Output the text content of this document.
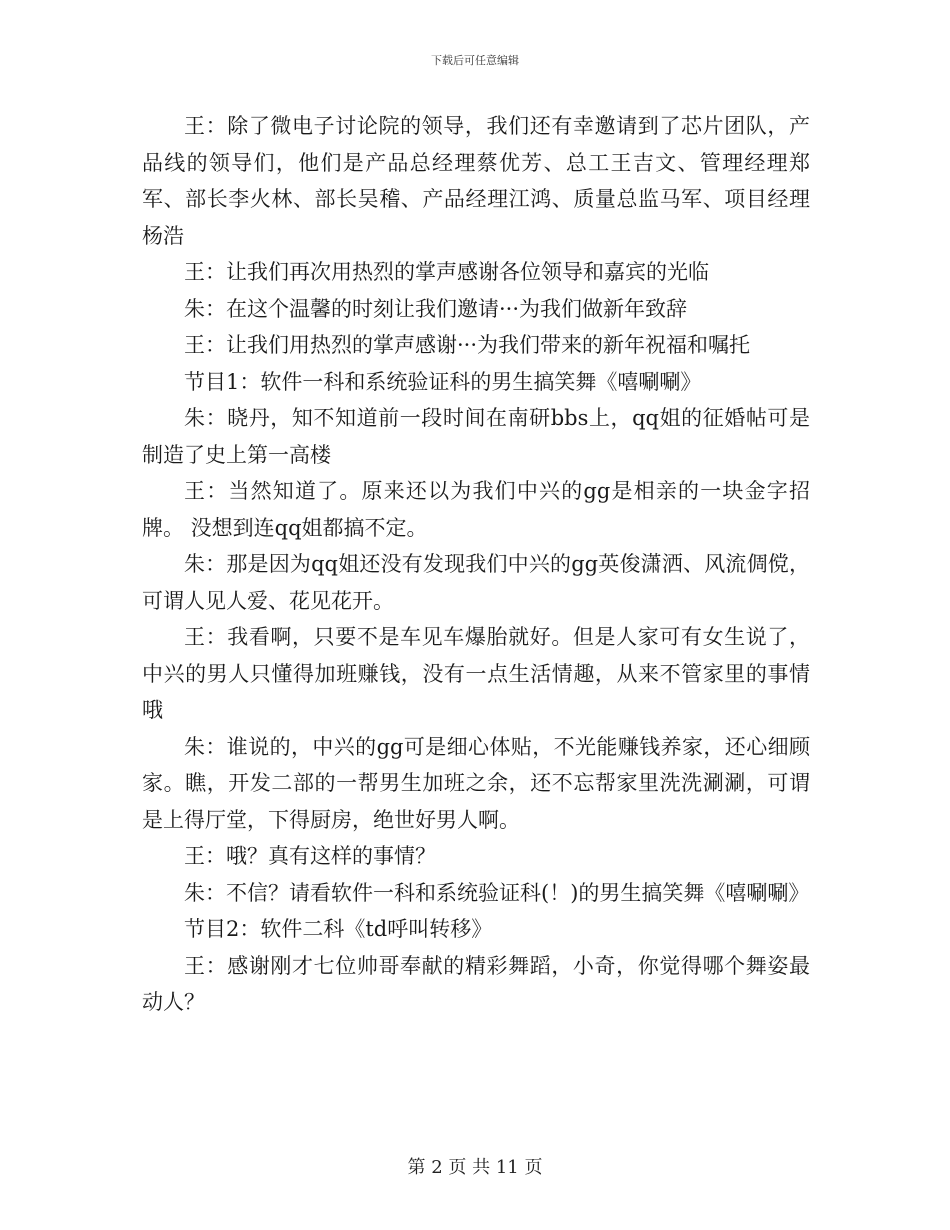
下载后可任意编辑

王：除了微电子讨论院的领导，我们还有幸邀请到了芯片团队，产品线的领导们，他们是产品总经理蔡优芳、总工王吉文、管理经理郑军、部长李火林、部长吴稽、产品经理江鸿、质量总监马军、项目经理杨浩

王：让我们再次用热烈的掌声感谢各位领导和嘉宾的光临

朱：在这个温馨的时刻让我们邀请···为我们做新年致辞

王：让我们用热烈的掌声感谢···为我们带来的新年祝福和嘱托

节目1：软件一科和系统验证科的男生搞笑舞《嘻唰唰》

朱：晓丹，知不知道前一段时间在南研bbs上，qq姐的征婚帖可是制造了史上第一高楼

王：当然知道了。原来还以为我们中兴的gg是相亲的一块金字招牌。 没想到连qq姐都搞不定。

朱：那是因为qq姐还没有发现我们中兴的gg英俊潇洒、风流倜傥，可谓人见人爱、花见花开。

王：我看啊，只要不是车见车爆胎就好。但是人家可有女生说了，中兴的男人只懂得加班赚钱，没有一点生活情趣，从来不管家里的事情哦

朱：谁说的，中兴的gg可是细心体贴，不光能赚钱养家，还心细顾家。瞧，开发二部的一帮男生加班之余，还不忘帮家里洗洗涮涮，可谓是上得厅堂，下得厨房，绝世好男人啊。

王：哦？真有这样的事情？

朱：不信？请看软件一科和系统验证科(！)的男生搞笑舞《嘻唰唰》

节目2：软件二科《td呼叫转移》

王：感谢刚才七位帅哥奉献的精彩舞蹈，小奇，你觉得哪个舞姿最动人？

第 2 页 共 11 页
